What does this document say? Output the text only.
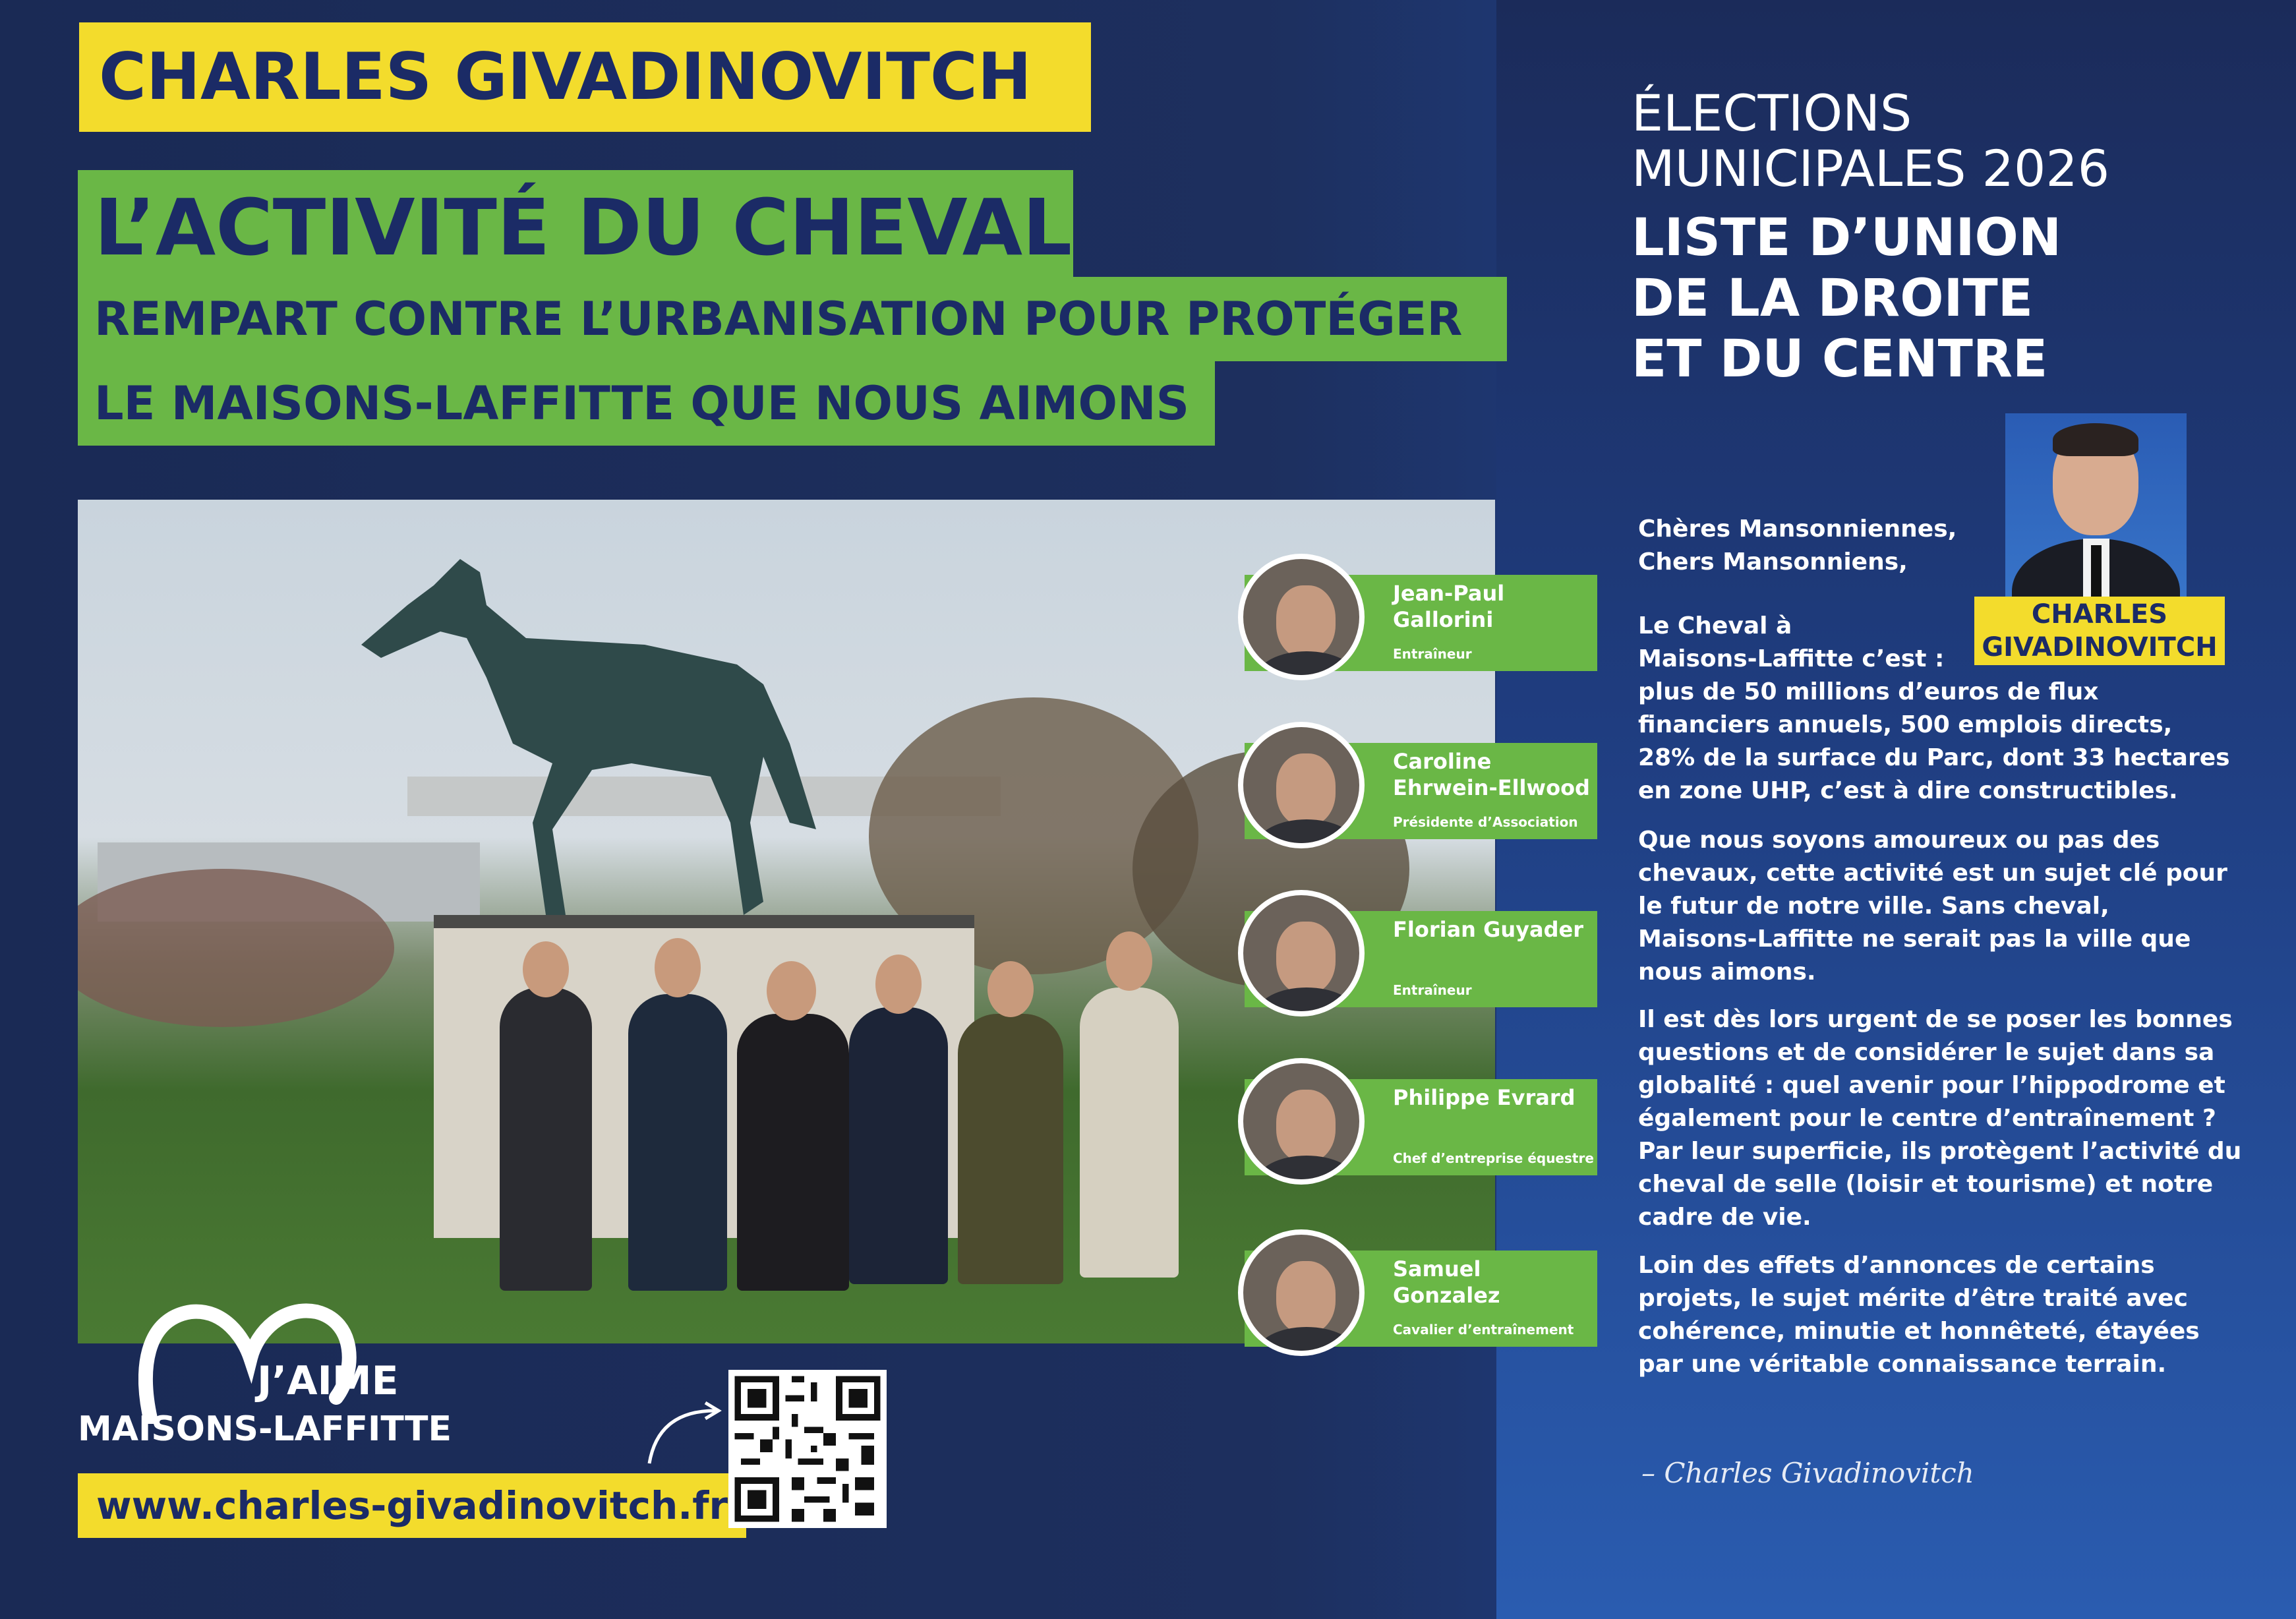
CHARLES GIVADINOVITCH
L’ACTIVITÉ DU CHEVAL
REMPART CONTRE L’URBANISATION POUR PROTÉGER
LE MAISONS-LAFFITTE QUE NOUS AIMONS
Jean-Paul Gallorini
Entraîneur
Caroline Ehrwein-Ellwood
Présidente d’Association
Florian Guyader
Entraîneur
Philippe Evrard
Chef d’entreprise équestre
Samuel Gonzalez
Cavalier d’entraînement
J’AIME
MAISONS-LAFFITTE
www.charles-givadinovitch.fr
ÉLECTIONS
MUNICIPALES 2026
LISTE D’UNION
DE LA DROITE
ET DU CENTRE
CHARLES
GIVADINOVITCH
Chères Mansonniennes,
Chers Mansonniens,
Le Cheval à
Maisons-Laffitte c’est :
plus de 50 millions d’euros de flux
financiers annuels, 500 emplois directs,
28% de la surface du Parc, dont 33 hectares
en zone UHP, c’est à dire constructibles.
Que nous soyons amoureux ou pas des
chevaux, cette activité est un sujet clé pour
le futur de notre ville. Sans cheval,
Maisons-Laffitte ne serait pas la ville que
nous aimons.
Il est dès lors urgent de se poser les bonnes
questions et de considérer le sujet dans sa
globalité : quel avenir pour l’hippodrome et
également pour le centre d’entraînement ?
Par leur superficie, ils protègent l’activité du
cheval de selle (loisir et tourisme) et notre
cadre de vie.
Loin des effets d’annonces de certains
projets, le sujet mérite d’être traité avec
cohérence, minutie et honnêteté, étayées
par une véritable connaissance terrain.
– Charles Givadinovitch
